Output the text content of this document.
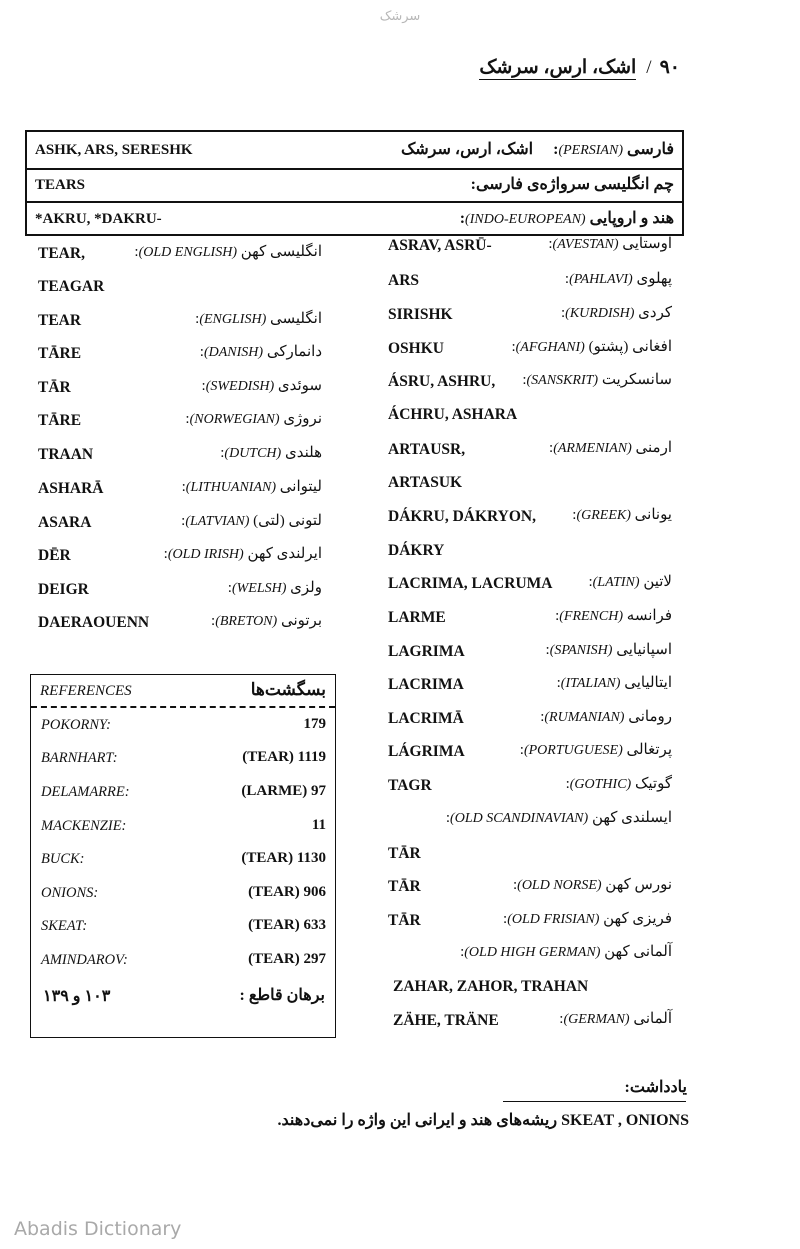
سرشک
۹۰/اشک، ارس، سرشک
ASHK, ARS, SERESHK	فارسی (PERSIAN):     اشک، ارس، سرشک
TEARS	چم انگلیسی سرواژه‌ی فارسی:
*AKRU, *DAKRU-	هند و اروپایی (INDO-EUROPEAN):
TEAR,	انگلیسی کهن (OLD ENGLISH):
TEAGAR
TEAR	انگلیسی (ENGLISH):
TĀRE	دانمارکی (DANISH):
TĀR	سوئدی (SWEDISH):
TĀRE	نروژی (NORWEGIAN):
TRAAN	هلندی (DUTCH):
ASHARĀ	لیتوانی (LITHUANIAN):
ASARA	لتونی (لتی) (LATVIAN):
DĒR	ایرلندی کهن (OLD IRISH):
DEIGR	ولزی (WELSH):
DAERAOUENN	برتونی (BRETON):
ASRAV, ASRŪ-	اوستایی (AVESTAN):
ARS	پهلوی (PAHLAVI):
SIRISHK	کردی (KURDISH):
OSHKU	افغانی (پشتو) (AFGHANI):
ÁSRU, ASHRU,	سانسکریت (SANSKRIT):
ÁCHRU, ASHARA
ARTAUSR,	ارمنی (ARMENIAN):
ARTASUK
DÁKRU, DÁKRYON,	یونانی (GREEK):
DÁKRY
LACRIMA, LACRUMA	لاتین (LATIN):
LARME	فرانسه (FRENCH):
LAGRIMA	اسپانیایی (SPANISH):
LACRIMA	ایتالیایی (ITALIAN):
LACRIMĀ	رومانی (RUMANIAN):
LÁGRIMA	پرتغالی (PORTUGUESE):
TAGR	گوتیک (GOTHIC):
ایسلندی کهن (OLD SCANDINAVIAN):
TĀR
TĀR	نورس کهن (OLD NORSE):
TĀR	فریزی کهن (OLD FRISIAN):
آلمانی کهن (OLD HIGH GERMAN):
ZAHAR, ZAHOR, TRAHAN
ZÄHE, TRÄNE	آلمانی (GERMAN):
REFERENCES	بسگشت‌ها
POKORNY:	179
BARNHART:	(TEAR) 1119
DELAMARRE:	(LARME) 97
MACKENZIE:	11
BUCK:	(TEAR) 1130
ONIONS:	(TEAR) 906
SKEAT:	(TEAR) 633
AMINDAROV:	(TEAR) 297
۱۰۳ و ۱۳۹	برهان قاطع :
یادداشت:
SKEAT , ONIONS ریشه‌های هند و ایرانی این واژه را نمی‌دهند.
Abadis Dictionary
